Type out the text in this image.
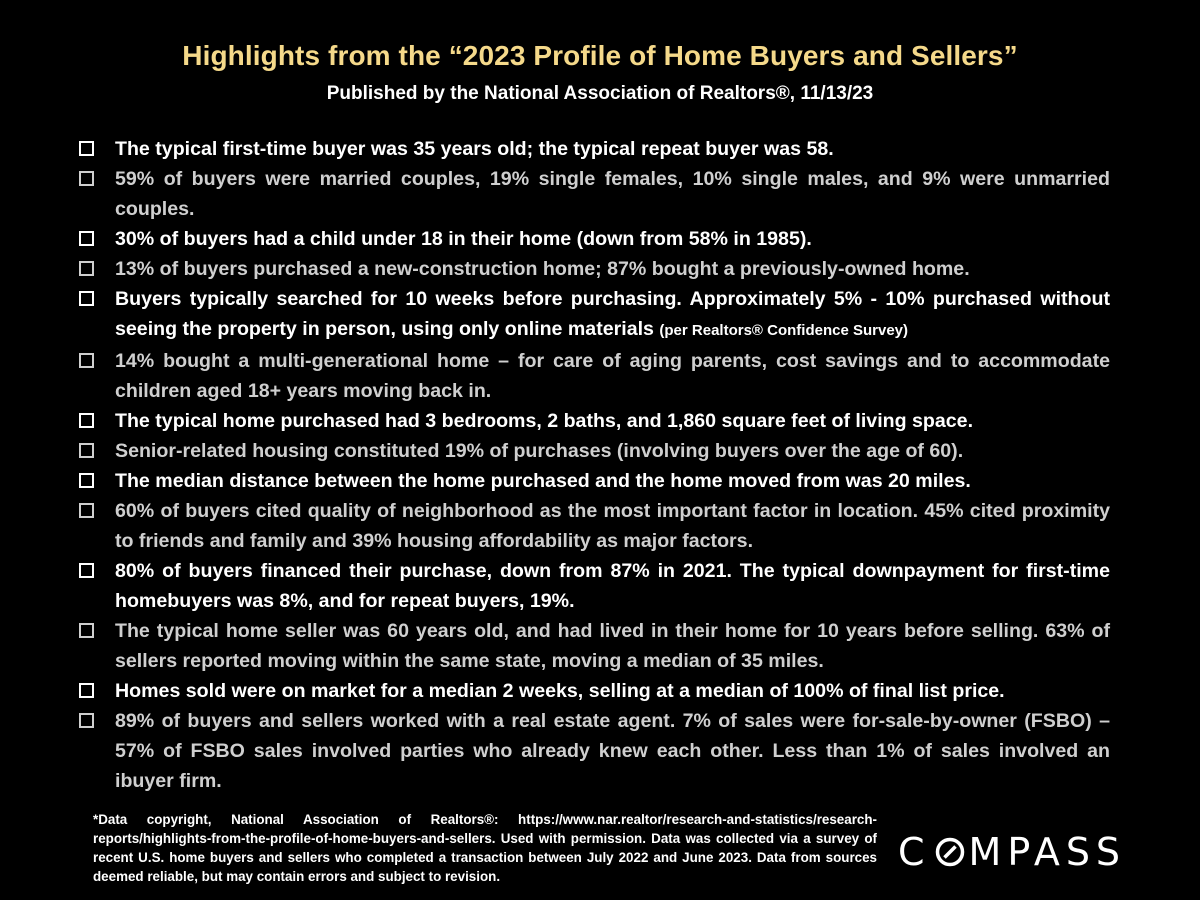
Highlights from the “2023 Profile of Home Buyers and Sellers”
Published by the National Association of Realtors®, 11/13/23
The typical first-time buyer was 35 years old; the typical repeat buyer was 58.
59% of buyers were married couples, 19% single females, 10% single males, and 9% were unmarried couples.
30% of buyers had a child under 18 in their home (down from 58% in 1985).
13% of buyers purchased a new-construction home; 87% bought a previously-owned home.
Buyers typically searched for 10 weeks before purchasing. Approximately 5% - 10% purchased without seeing the property in person, using only online materials (per Realtors® Confidence Survey)
14% bought a multi-generational home – for care of aging parents, cost savings and to accommodate children aged 18+ years moving back in.
The typical home purchased had 3 bedrooms, 2 baths, and 1,860 square feet of living space.
Senior-related housing constituted 19% of purchases (involving buyers over the age of 60).
The median distance between the home purchased and the home moved from was 20 miles.
60% of buyers cited quality of neighborhood as the most important factor in location. 45% cited proximity to friends and family and 39% housing affordability as major factors.
80% of buyers financed their purchase, down from 87% in 2021. The typical downpayment for first-time homebuyers was 8%, and for repeat buyers, 19%.
The typical home seller was 60 years old, and had lived in their home for 10 years before selling. 63% of sellers reported moving within the same state, moving a median of 35 miles.
Homes sold were on market for a median 2 weeks, selling at a median of 100% of final list price.
89% of buyers and sellers worked with a real estate agent. 7% of sales were for-sale-by-owner (FSBO) – 57% of FSBO sales involved parties who already knew each other. Less than 1% of sales involved an ibuyer firm.
*Data copyright, National Association of Realtors®: https://www.nar.realtor/research-and-statistics/research-reports/highlights-from-the-profile-of-home-buyers-and-sellers. Used with permission. Data was collected via a survey of recent U.S. home buyers and sellers who completed a transaction between July 2022 and June 2023. Data from sources deemed reliable, but may contain errors and subject to revision.
C MPASS
